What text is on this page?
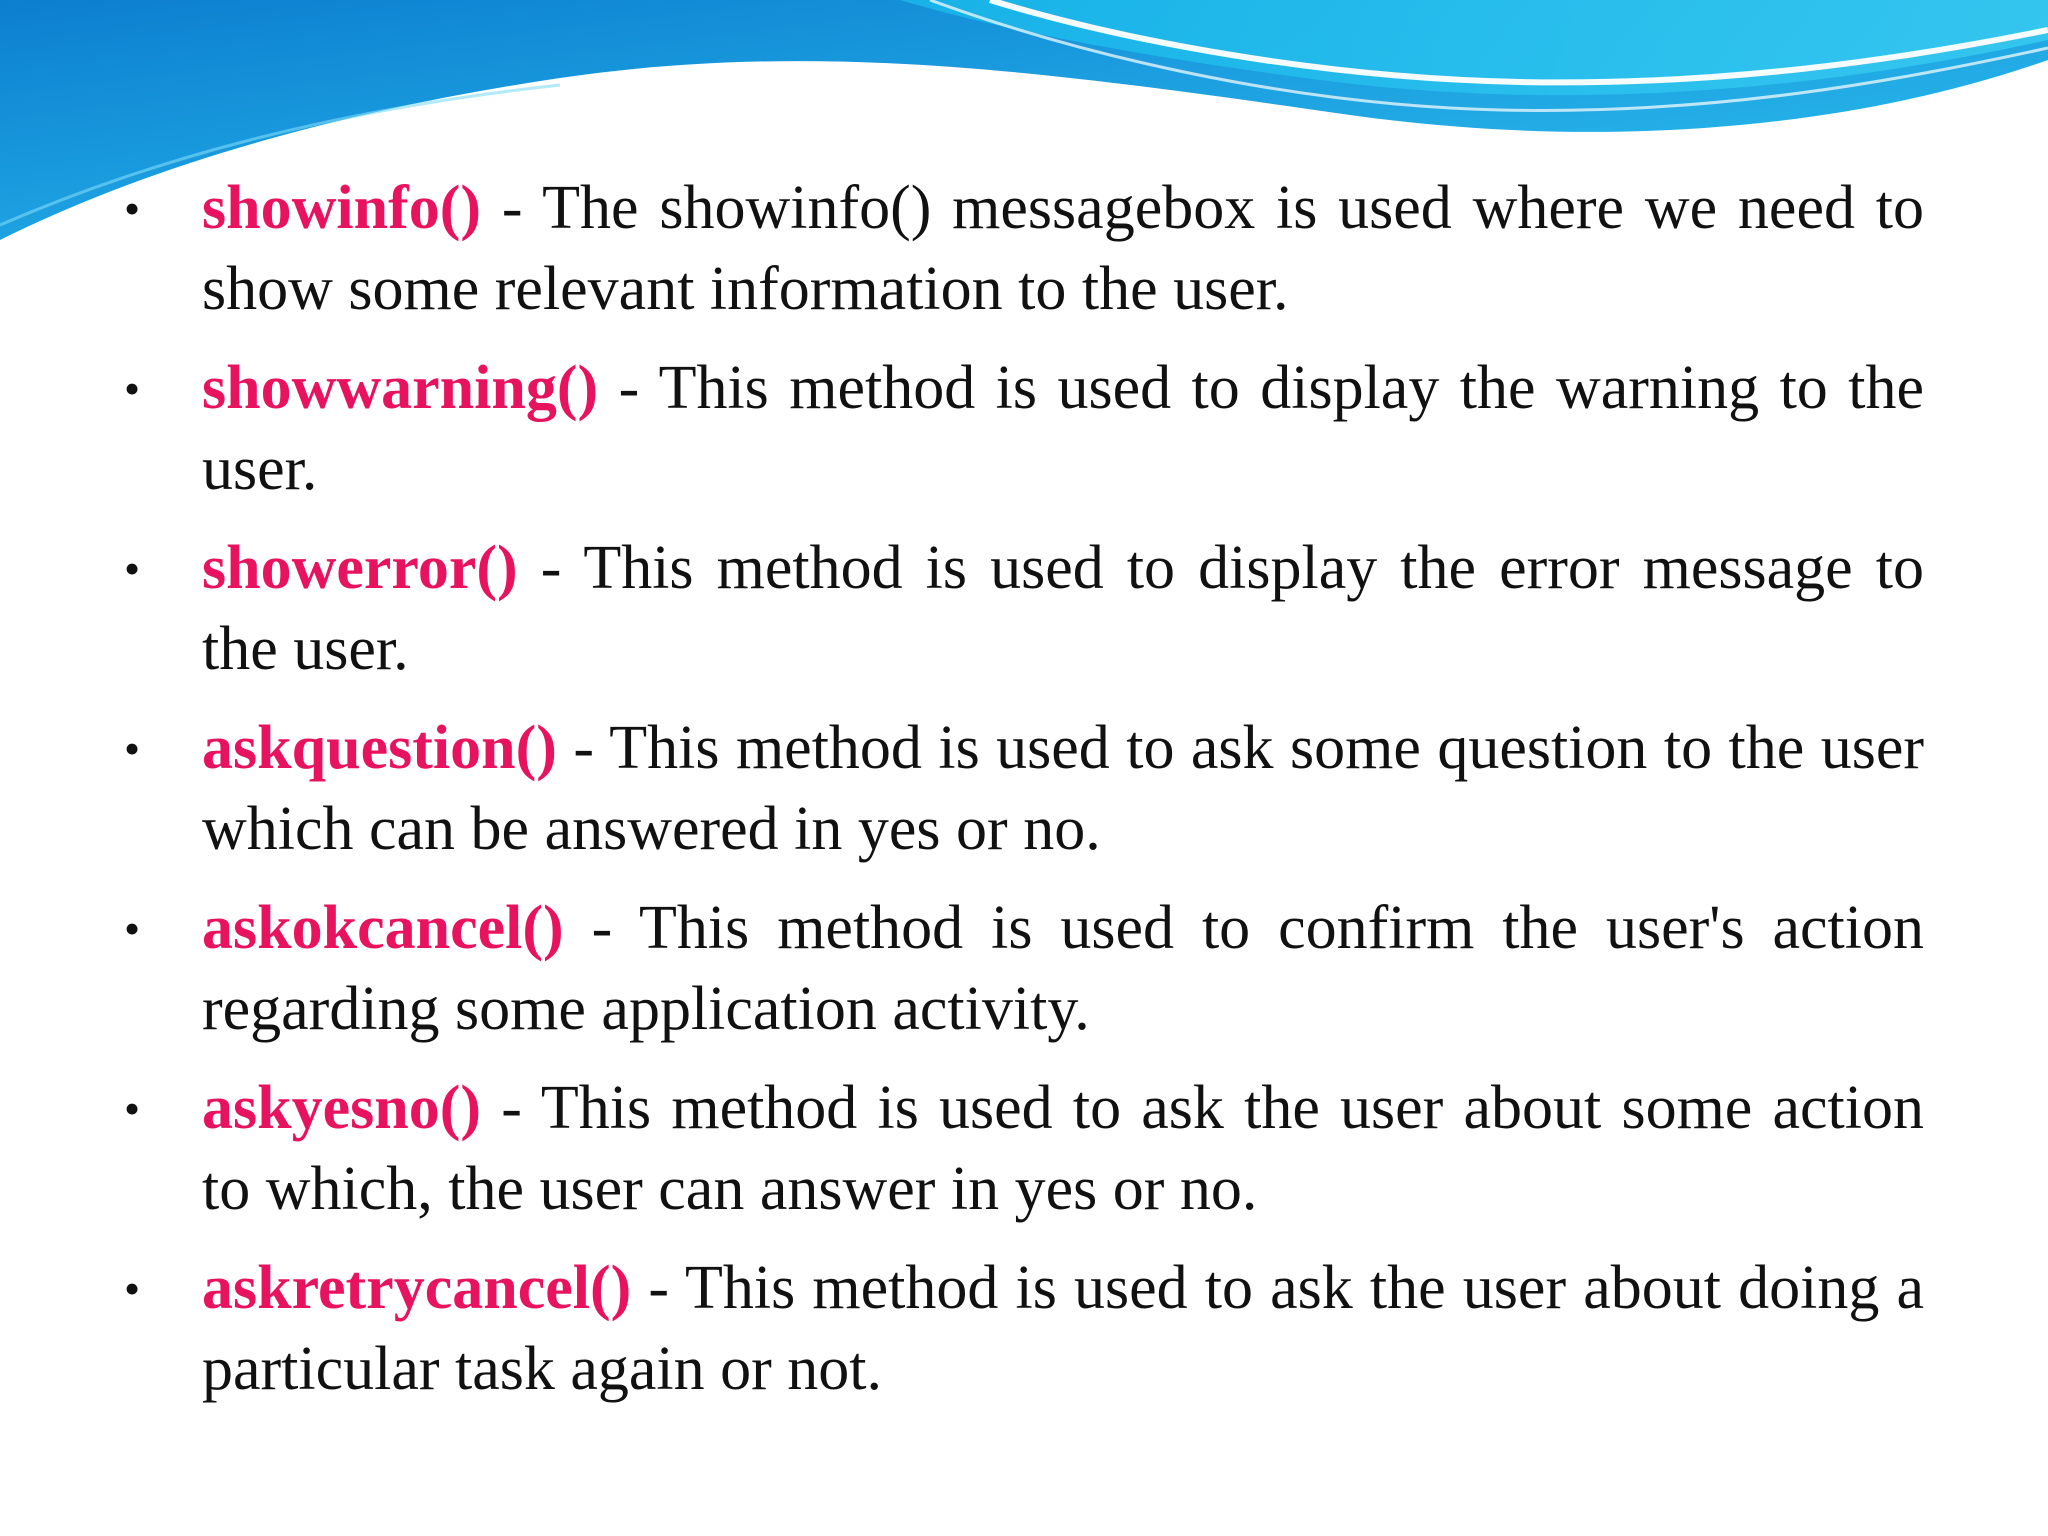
• showinfo() - The showinfo() messagebox is used where we need to show some relevant information to the user.
• showwarning() - This method is used to display the warning to the user.
• showerror() - This method is used to display the error message to the user.
• askquestion() - This method is used to ask some question to the user which can be answered in yes or no.
• askokcancel() - This method is used to confirm the user's action regarding some application activity.
• askyesno() - This method is used to ask the user about some action to which, the user can answer in yes or no.
• askretrycancel() - This method is used to ask the user about doing a particular task again or not.
